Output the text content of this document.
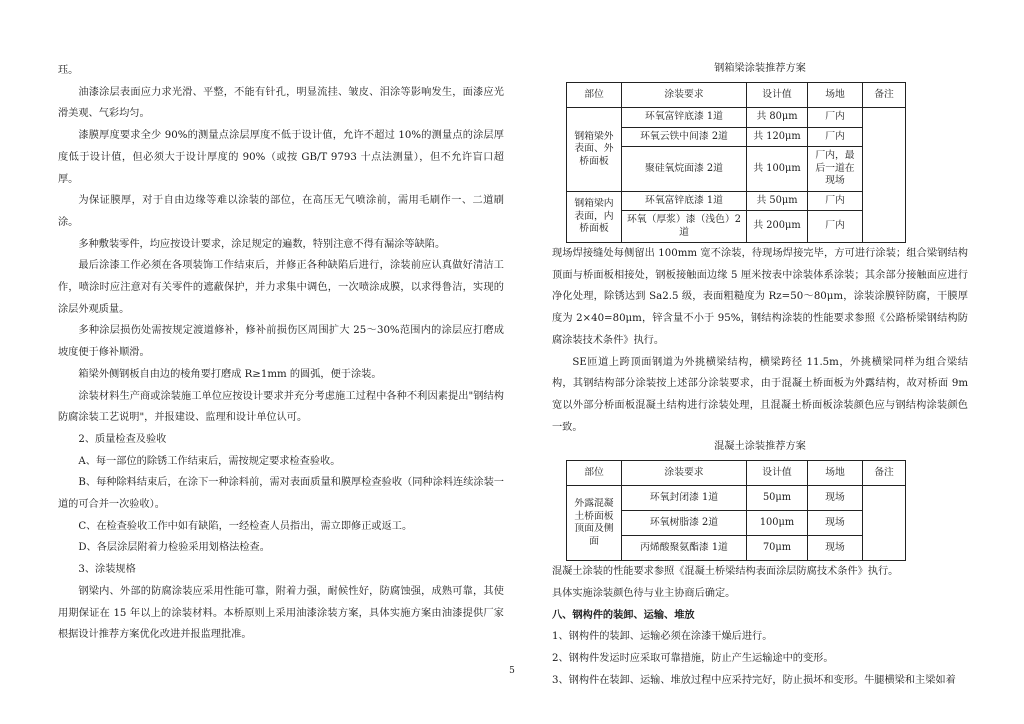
珏。

油漆涂层表面应力求光滑、平整，不能有针孔，明显流挂、皱皮、泪涂等影响发生，面漆应光滑美观、气彩均匀。

漆膜厚度要求全少 90%的测量点涂层厚度不低于设计值，允许不超过 10%的测量点的涂层厚度低于设计值，但必须大于设计厚度的 90%（或按 GB/T 9793 十点法测量），但不允许盲口超厚。

为保证膜厚，对于自由边缘等难以涂装的部位，在高压无气喷涂前，需用毛刷作一、二道刷涂。

多种敷装零件，均应按设计要求，涂足规定的遍数，特别注意不得有漏涂等缺陷。

最后涂漆工作必须在各项装饰工作结束后，并修正各种缺陷后进行，涂装前应认真做好清洁工作，喷涂时应注意对有关零件的遮蔽保护，并力求集中调色，一次喷涂成膜，以求得鲁洁，实现的涂层外观质量。

多种涂层损伤处需按规定渡道修补，修补前损伤区周围扩大 25～30%范围内的涂层应打磨成坡度便于修补顺滑。

箱梁外侧钢板自由边的棱角要打磨成 R≥1mm 的圆弧，便于涂装。

涂装材料生产商或涂装施工单位应按设计要求并充分考虑施工过程中各种不利因素提出"钢结构防腐涂装工艺说明"，并报建设、监理和设计单位认可。

2、质量检查及验收

A、每一部位的除锈工作结束后，需按规定要求检查验收。

B、每种除料结束后，在涂下一种涂料前，需对表面质量和膜厚检查验收（同种涂料连续涂装一道的可合并一次验收）。

C、在检查验收工作中如有缺陷，一经检查人员指出，需立即修正或返工。

D、各层涂层附着力检验采用划格法检查。

3、涂装规格

钢梁内、外部的防腐涂装应采用性能可靠，附着力强，耐候性好，防腐蚀强，成熟可靠，其使用期保证在 15 年以上的涂装材料。本桥原则上采用油漆涂装方案，具体实施方案由油漆提供厂家根据设计推荐方案优化改进并报监理批准。

钢箱梁涂装推荐方案

部位	涂装要求	设计值	场地	备注
钢箱梁外表面、外桥面板	环氧富锌底漆 1道	共 80μm	厂内	
	环氧云铁中间漆 2道	共 120μm	厂内	
	聚硅氧烷面漆 2道	共 100μm	厂内，最后一道在现场	
钢箱梁内表面，内桥面板	环氧富锌底漆 1道	共 50μm	厂内	
	环氧（厚浆）漆（浅色）2道	共 200μm	厂内	

现场焊接缝处每侧留出 100mm 宽不涂装，待现场焊接完毕，方可进行涂装；组合梁钢结构顶面与桥面板相接处，钢板接触面边缘 5 厘米按表中涂装体系涂装；其余部分接触面应进行净化处理，除锈达到 Sa2.5 级，表面粗糙度为 Rz=50～80μm，涂装涂膜锌防腐，干膜厚度为 2×40=80μm，锌含量不小于 95%，钢结构涂装的性能要求参照《公路桥梁钢结构防腐涂装技术条件》执行。

SE匝道上跨顶面钢道为外挑横梁结构，横梁跨径 11.5m，外挑横梁同样为组合梁结构，其钢结构部分涂装按上述部分涂装要求，由于混凝土桥面板为外露结构，故对桥面 9m 宽以外部分桥面板混凝土结构进行涂装处理，且混凝土桥面板涂装颜色应与钢结构涂装颜色一致。

混凝土涂装推荐方案

部位	涂装要求	设计值	场地	备注
外露混凝土桥面板顶面及侧面	环氧封闭漆 1道	50μm	现场	
	环氧树脂漆 2道	100μm	现场	
	丙烯酸聚氨酯漆 1道	70μm	现场	

混凝土涂装的性能要求参照《混凝土桥梁结构表面涂层防腐技术条件》执行。

具体实施涂装颜色待与业主协商后确定。

八、钢构件的装卸、运输、堆放

1、钢构件的装卸、运输必须在涂漆干燥后进行。

2、钢构件发运时应采取可靠措施，防止产生运输途中的变形。

3、钢构件在装卸、运输、堆放过程中应采持完好，防止损坏和变形。牛腿横梁和主梁如着

5
